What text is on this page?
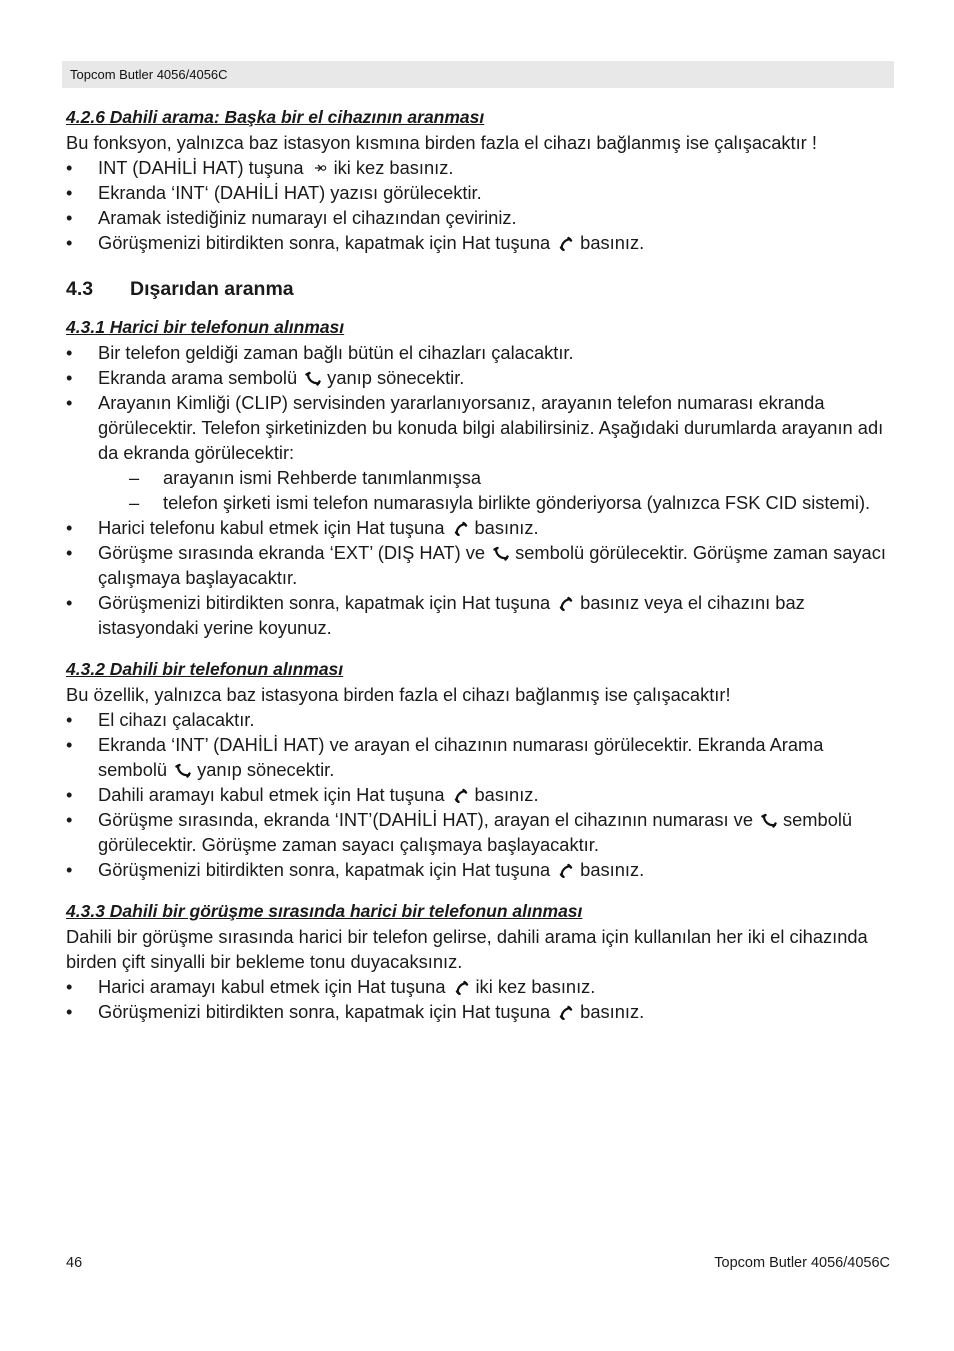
Topcom Butler 4056/4056C

4.2.6 Dahili arama: Başka bir el cihazının aranması

Bu fonksyon, yalnızca baz istasyon kısmına birden fazla el cihazı bağlanmış ise çalışacaktır !

• INT (DAHİLİ HAT) tuşuna iki kez basınız.
• Ekranda ‘INT‘ (DAHİLİ HAT) yazısı görülecektir.
• Aramak istediğiniz numarayı el cihazından çeviriniz.
• Görüşmenizi bitirdikten sonra, kapatmak için Hat tuşuna basınız.
4.3	Dışarıdan aranma

4.3.1 Harici bir telefonun alınması

• Bir telefon geldiği zaman bağlı bütün el cihazları çalacaktır.
• Ekranda arama sembolü yanıp sönecektir.
• Arayanın Kimliği (CLIP) servisinden yararlanıyorsanız, arayanın telefon numarası ekranda görülecektir. Telefon şirketinizden bu konuda bilgi alabilirsiniz. Aşağıdaki durumlarda arayanın adı da ekranda görülecektir:
– arayanın ismi Rehberde tanımlanmışsa
– telefon şirketi ismi telefon numarasıyla birlikte gönderiyorsa (yalnızca FSK CID sistemi).
• Harici telefonu kabul etmek için Hat tuşuna basınız.
• Görüşme sırasında ekranda ‘EXT’ (DIŞ HAT) ve sembolü görülecektir. Görüşme zaman sayacı çalışmaya başlayacaktır.
• Görüşmenizi bitirdikten sonra, kapatmak için Hat tuşuna basınız veya el cihazını baz istasyondaki yerine koyunuz.

4.3.2 Dahili bir telefonun alınması

Bu özellik, yalnızca baz istasyona birden fazla el cihazı bağlanmış ise çalışacaktır!

• El cihazı çalacaktır.
• Ekranda ‘INT’ (DAHİLİ HAT) ve arayan el cihazının numarası görülecektir. Ekranda Arama sembolü yanıp sönecektir.
• Dahili aramayı kabul etmek için Hat tuşuna basınız.
• Görüşme sırasında, ekranda ‘INT’(DAHİLİ HAT), arayan el cihazının numarası ve sembolü görülecektir. Görüşme zaman sayacı çalışmaya başlayacaktır.
• Görüşmenizi bitirdikten sonra, kapatmak için Hat tuşuna basınız.

4.3.3 Dahili bir görüşme sırasında harici bir telefonun alınması

Dahili bir görüşme sırasında harici bir telefon gelirse, dahili arama için kullanılan her iki el cihazında birden çift sinyalli bir bekleme tonu duyacaksınız.

• Harici aramayı kabul etmek için Hat tuşuna iki kez basınız.
• Görüşmenizi bitirdikten sonra, kapatmak için Hat tuşuna basınız.
46	Topcom Butler 4056/4056C
